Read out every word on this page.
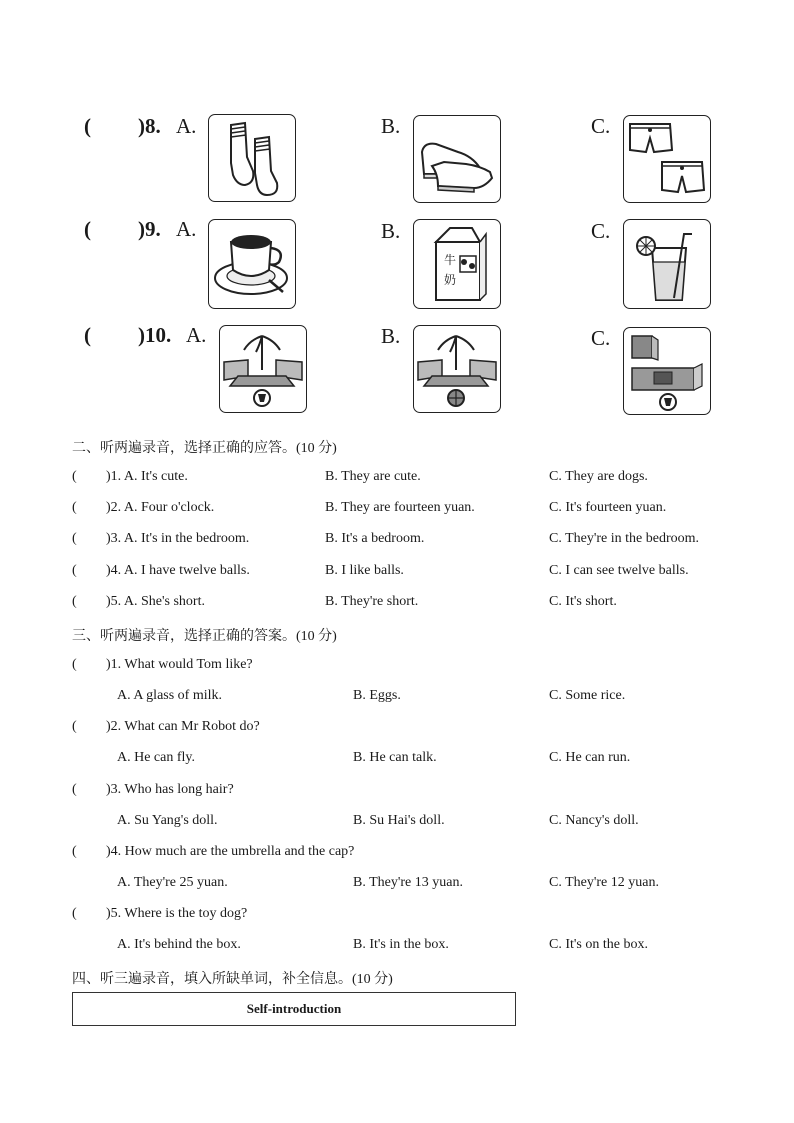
( )8. A.	B.	C.
( )9. A.	B.	C.
牛
奶
( )10. A.	B.	C.
二、听两遍录音，选择正确的应答。(10 分)
( )1. A. It's cute.	B. They are cute.	C. They are dogs.
( )2. A. Four o'clock.	B. They are fourteen yuan.	C. It's fourteen yuan.
( )3. A. It's in the bedroom.	B. It's a bedroom.	C. They're in the bedroom.
( )4. A. I have twelve balls.	B. I like balls.	C. I can see twelve balls.
( )5. A. She's short.	B. They're short.	C. It's short.
三、听两遍录音，选择正确的答案。(10 分)
( )1. What would Tom like?
A. A glass of milk.	B. Eggs.	C. Some rice.
( )2. What can Mr Robot do?
A. He can fly.	B. He can talk.	C. He can run.
( )3. Who has long hair?
A. Su Yang's doll.	B. Su Hai's doll.	C. Nancy's doll.
( )4. How much are the umbrella and the cap?
A. They're 25 yuan.	B. They're 13 yuan.	C. They're 12 yuan.
( )5. Where is the toy dog?
A. It's behind the box.	B. It's in the box.	C. It's on the box.
四、听三遍录音，填入所缺单词，补全信息。(10 分)
Self-introduction
